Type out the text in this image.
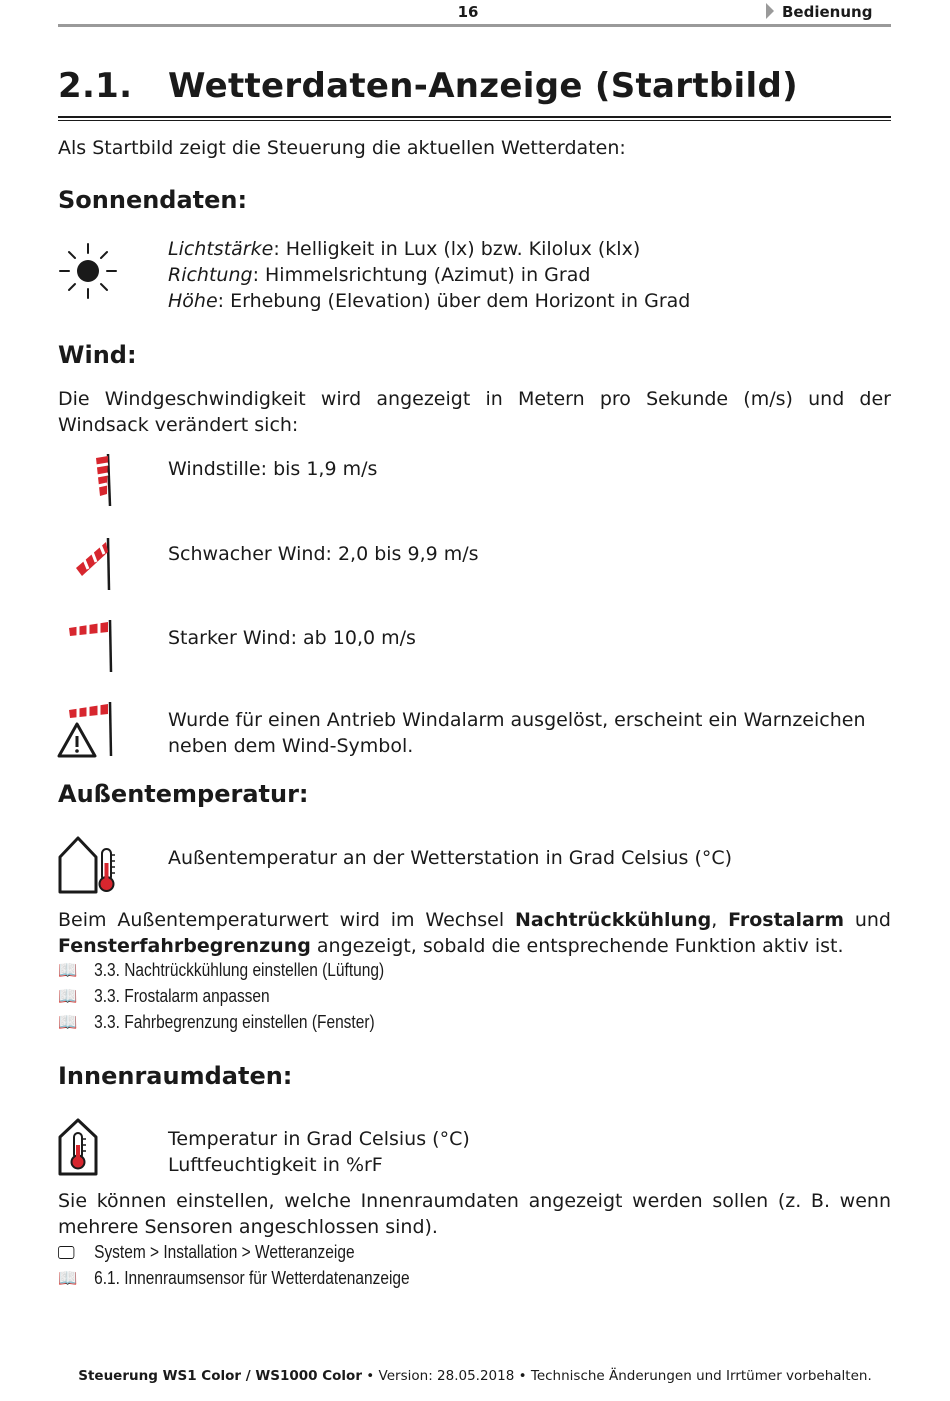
16	Bedienung
2.1. Wetterdaten-Anzeige (Startbild)
Als Startbild zeigt die Steuerung die aktuellen Wetterdaten:
Sonnendaten:
Lichtstärke: Helligkeit in Lux (lx) bzw. Kilolux (klx)
Richtung: Himmelsrichtung (Azimut) in Grad
Höhe: Erhebung (Elevation) über dem Horizont in Grad
Wind:
Die Windgeschwindigkeit wird angezeigt in Metern pro Sekunde (m/s) und der Windsack verändert sich:
Windstille: bis 1,9 m/s
Schwacher Wind: 2,0 bis 9,9 m/s
Starker Wind: ab 10,0 m/s
Wurde für einen Antrieb Windalarm ausgelöst, erscheint ein Warnzeichen neben dem Wind-Symbol.
Außentemperatur:
Außentemperatur an der Wetterstation in Grad Celsius (°C)
Beim Außentemperaturwert wird im Wechsel Nachtrückkühlung, Frostalarm und Fensterfahrbegrenzung angezeigt, sobald die entsprechende Funktion aktiv ist.
📖 3.3. Nachtrückkühlung einstellen (Lüftung)
📖 3.3. Frostalarm anpassen
📖 3.3. Fahrbegrenzung einstellen (Fenster)
Innenraumdaten:
Temperatur in Grad Celsius (°C)
Luftfeuchtigkeit in %rF
Sie können einstellen, welche Innenraumdaten angezeigt werden sollen (z. B. wenn mehrere Sensoren angeschlossen sind).
System > Installation > Wetteranzeige
📖 6.1. Innenraumsensor für Wetterdatenanzeige
Steuerung WS1 Color / WS1000 Color • Version: 28.05.2018 • Technische Änderungen und Irrtümer vorbehalten.
